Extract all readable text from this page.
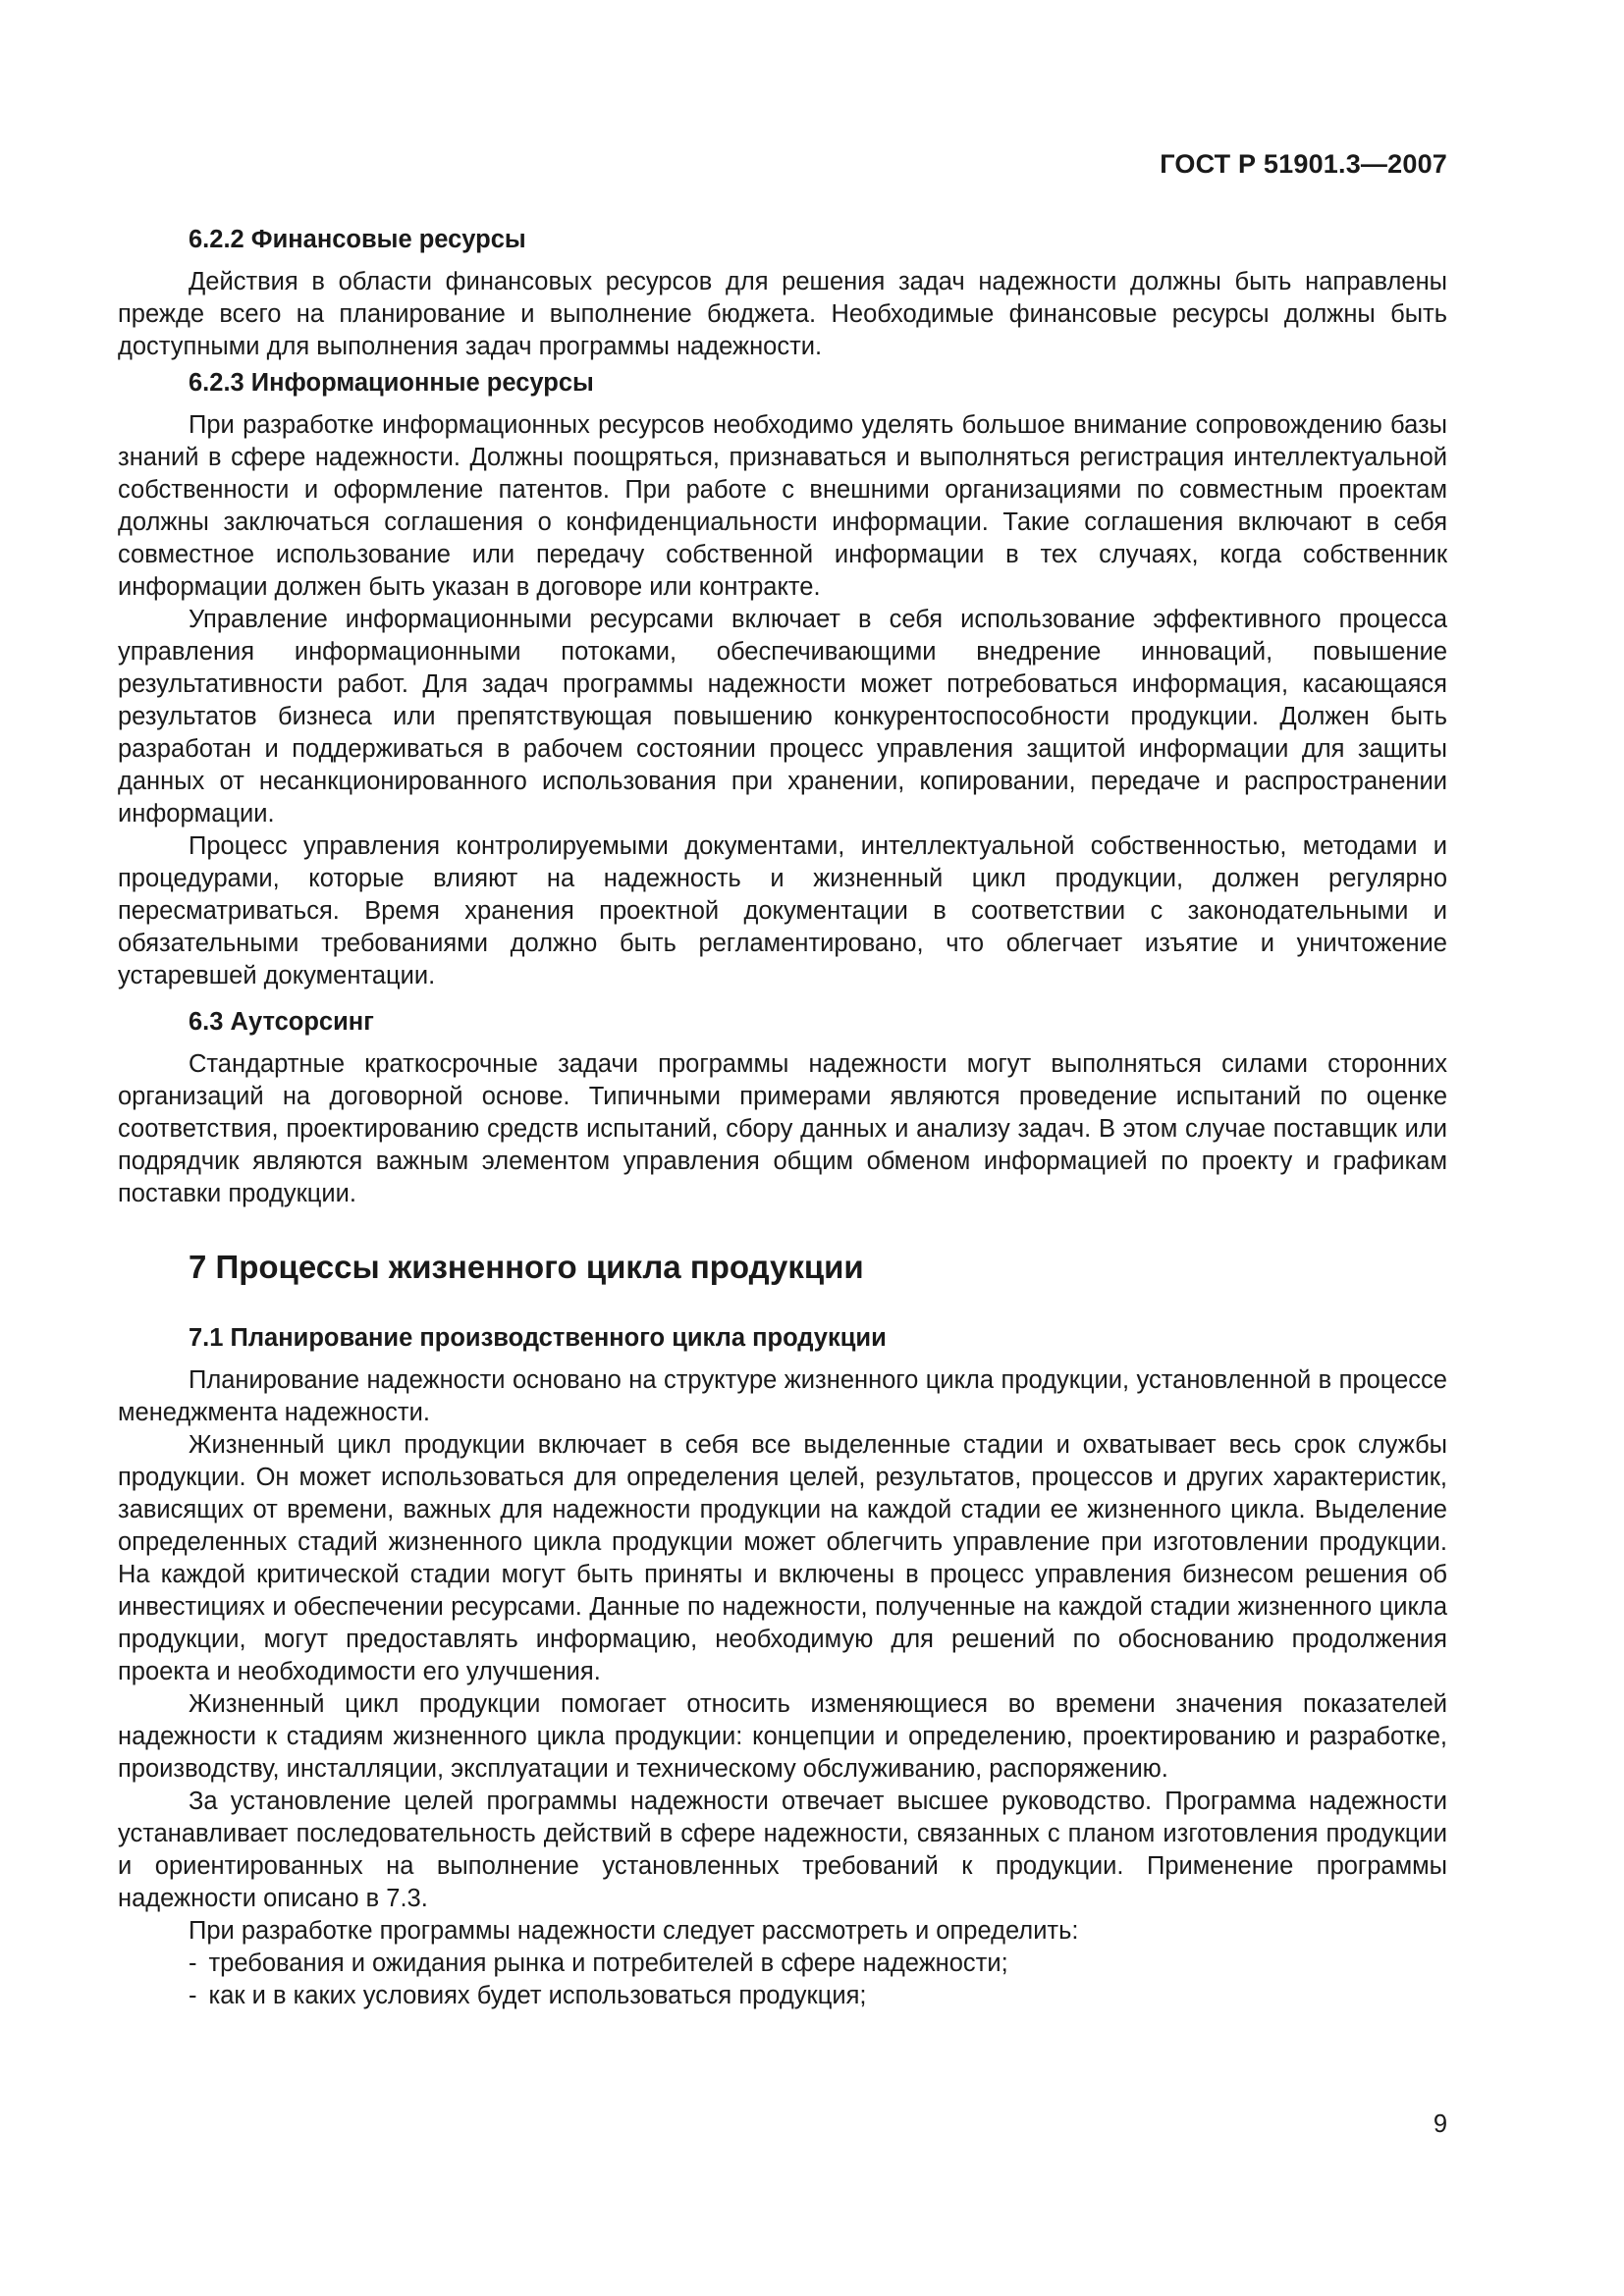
ГОСТ Р 51901.3—2007
6.2.2 Финансовые ресурсы

Действия в области финансовых ресурсов для решения задач надежности должны быть направлены прежде всего на планирование и выполнение бюджета. Необходимые финансовые ресурсы должны быть доступными для выполнения задач программы надежности.

6.2.3 Информационные ресурсы

При разработке информационных ресурсов необходимо уделять большое внимание сопровождению базы знаний в сфере надежности. Должны поощряться, признаваться и выполняться регистрация интеллектуальной собственности и оформление патентов. При работе с внешними организациями по совместным проектам должны заключаться соглашения о конфиденциальности информации. Такие соглашения включают в себя совместное использование или передачу собственной информации в тех случаях, когда собственник информации должен быть указан в договоре или контракте.

Управление информационными ресурсами включает в себя использование эффективного процесса управления информационными потоками, обеспечивающими внедрение инноваций, повышение результативности работ. Для задач программы надежности может потребоваться информация, касающаяся результатов бизнеса или препятствующая повышению конкурентоспособности продукции. Должен быть разработан и поддерживаться в рабочем состоянии процесс управления защитой информации для защиты данных от несанкционированного использования при хранении, копировании, передаче и распространении информации.

Процесс управления контролируемыми документами, интеллектуальной собственностью, методами и процедурами, которые влияют на надежность и жизненный цикл продукции, должен регулярно пересматриваться. Время хранения проектной документации в соответствии с законодательными и обязательными требованиями должно быть регламентировано, что облегчает изъятие и уничтожение устаревшей документации.

6.3 Аутсорсинг

Стандартные краткосрочные задачи программы надежности могут выполняться силами сторонних организаций на договорной основе. Типичными примерами являются проведение испытаний по оценке соответствия, проектированию средств испытаний, сбору данных и анализу задач. В этом случае поставщик или подрядчик являются важным элементом управления общим обменом информацией по проекту и графикам поставки продукции.

7 Процессы жизненного цикла продукции
7.1 Планирование производственного цикла продукции

Планирование надежности основано на структуре жизненного цикла продукции, установленной в процессе менеджмента надежности.

Жизненный цикл продукции включает в себя все выделенные стадии и охватывает весь срок службы продукции. Он может использоваться для определения целей, результатов, процессов и других характеристик, зависящих от времени, важных для надежности продукции на каждой стадии ее жизненного цикла. Выделение определенных стадий жизненного цикла продукции может облегчить управление при изготовлении продукции. На каждой критической стадии могут быть приняты и включены в процесс управления бизнесом решения об инвестициях и обеспечении ресурсами. Данные по надежности, полученные на каждой стадии жизненного цикла продукции, могут предоставлять информацию, необходимую для решений по обоснованию продолжения проекта и необходимости его улучшения.

Жизненный цикл продукции помогает относить изменяющиеся во времени значения показателей надежности к стадиям жизненного цикла продукции: концепции и определению, проектированию и разработке, производству, инсталляции, эксплуатации и техническому обслуживанию, распоряжению.

За установление целей программы надежности отвечает высшее руководство. Программа надежности устанавливает последовательность действий в сфере надежности, связанных с планом изготовления продукции и ориентированных на выполнение установленных требований к продукции. Применение программы надежности описано в 7.3.

При разработке программы надежности следует рассмотреть и определить:

- требования и ожидания рынка и потребителей в сфере надежности;
- как и в каких условиях будет использоваться продукция;
9
